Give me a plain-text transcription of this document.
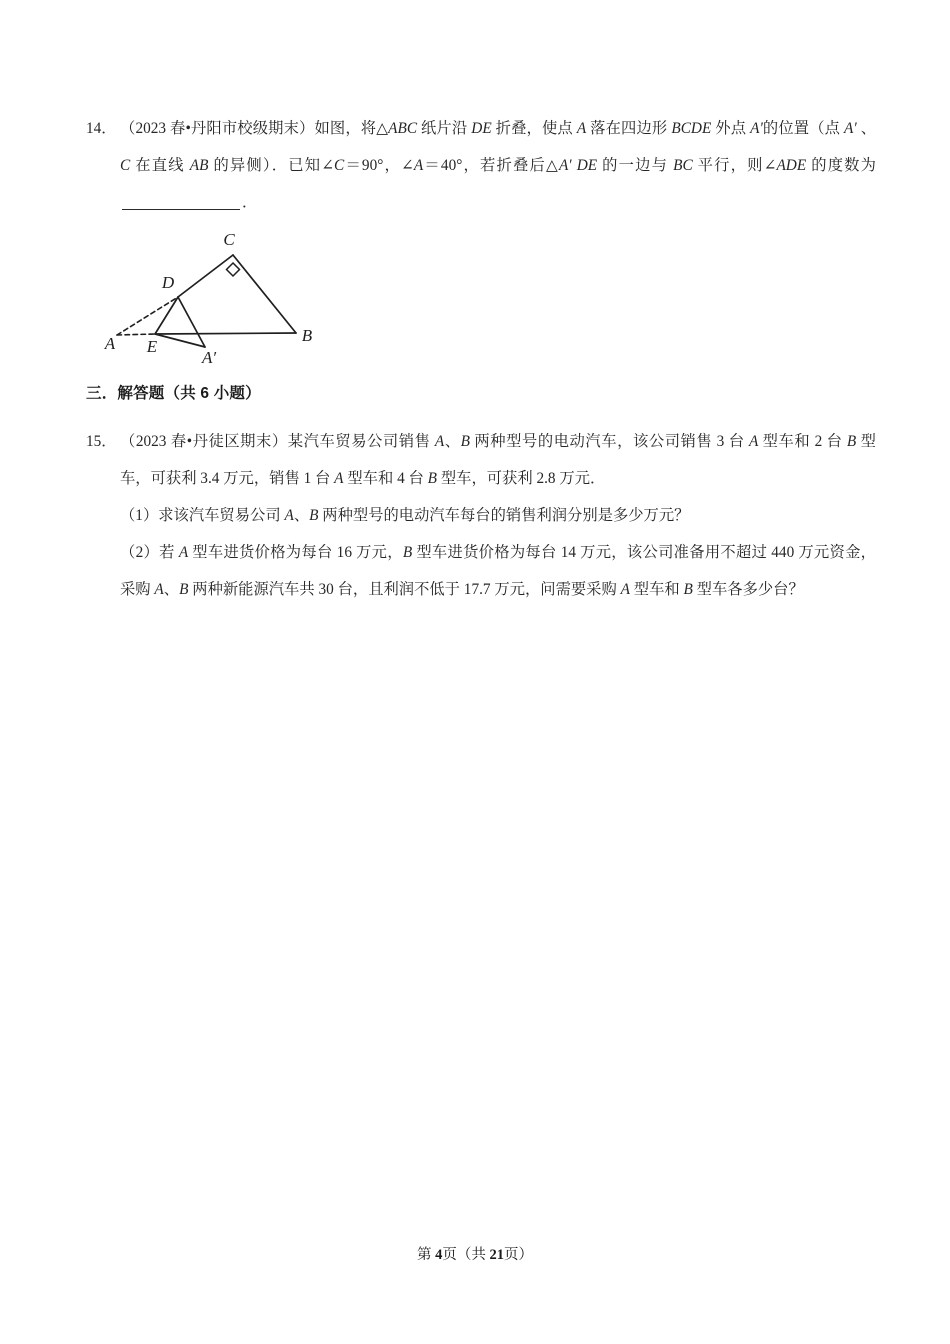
14． （2023 春•丹阳市校级期末）如图，将△ABC 纸片沿 DE 折叠，使点 A 落在四边形 BCDE 外点 A'的位置（点 A′ 、C 在直线 AB 的异侧）．已知∠C＝90°，∠A＝40°，若折叠后△A′ DE 的一边与 BC 平行，则∠ADE 的度数为．

C
D
A E
A′
B
三．解答题（共 6 小题）
15． （2023 春•丹徒区期末）某汽车贸易公司销售 A、B 两种型号的电动汽车，该公司销售 3 台 A 型车和 2 台 B 型车，可获利 3.4 万元，销售 1 台 A 型车和 4 台 B 型车，可获利 2.8 万元．

（1）求该汽车贸易公司 A、B 两种型号的电动汽车每台的销售利润分别是多少万元？

（2）若 A 型车进货价格为每台 16 万元，B 型车进货价格为每台 14 万元，该公司准备用不超过 440 万元资金，采购 A、B 两种新能源汽车共 30 台，且利润不低于 17.7 万元，问需要采购 A 型车和 B 型车各多少台？

第 4页（共 21页）
